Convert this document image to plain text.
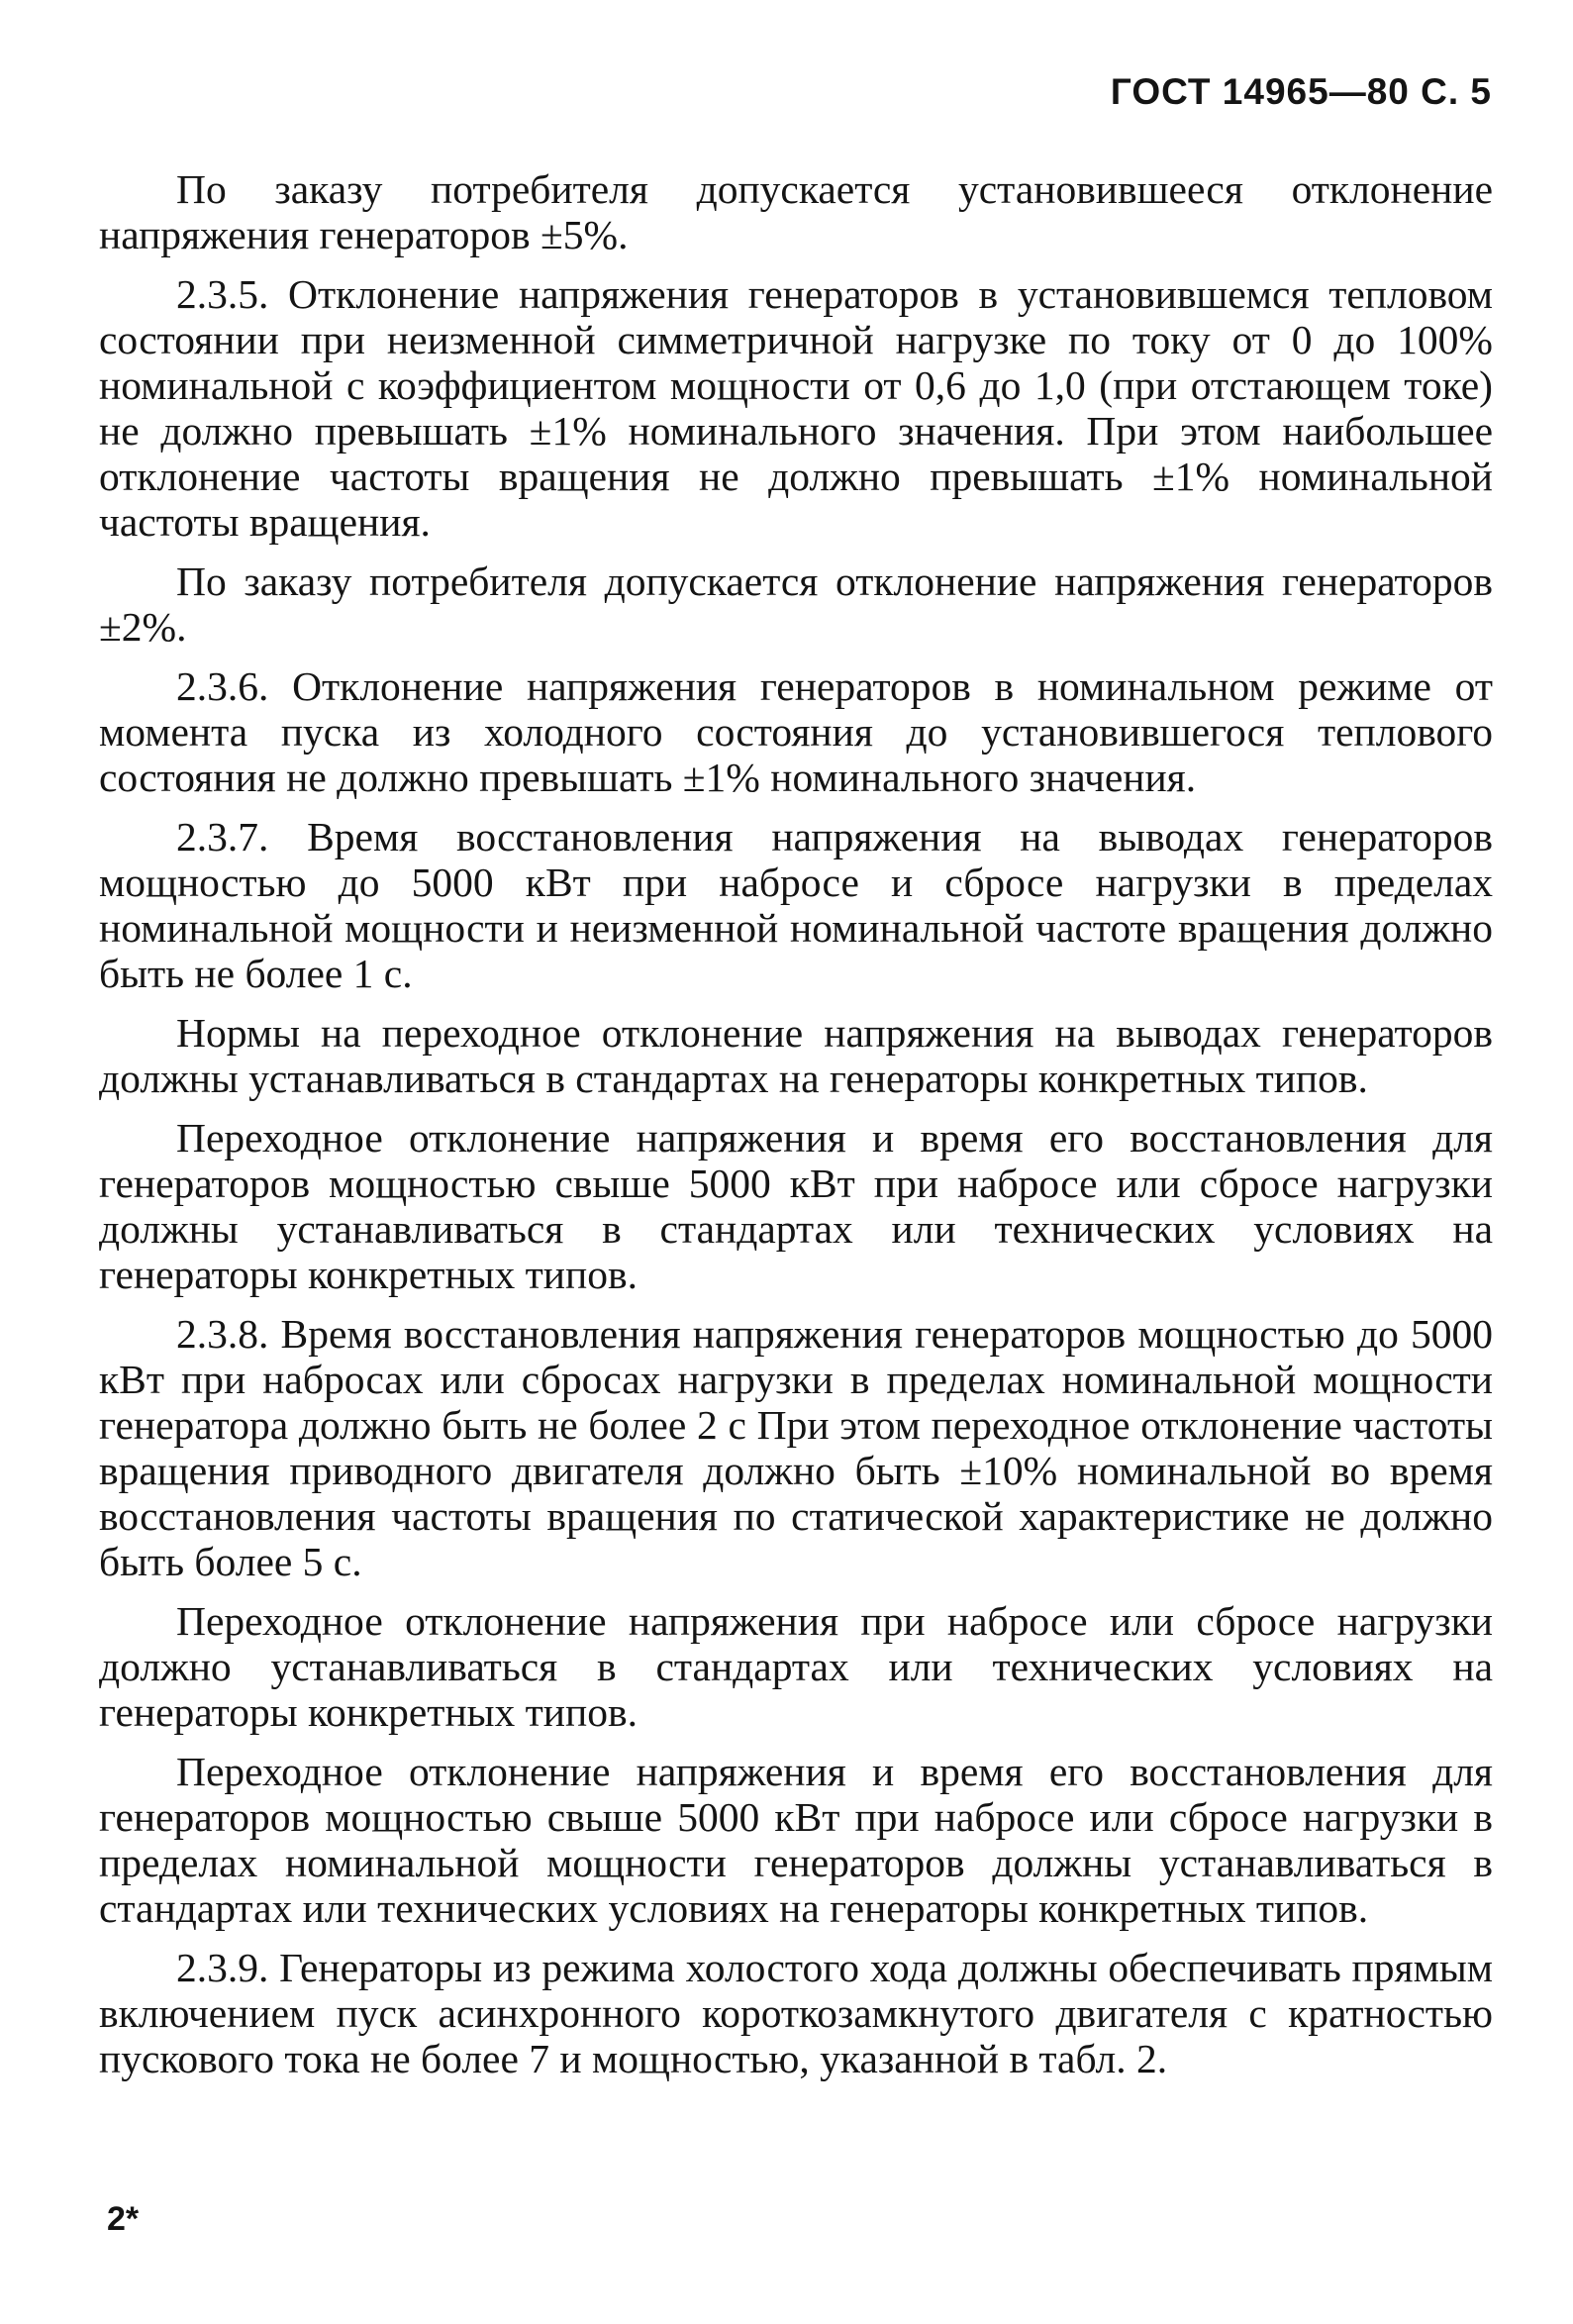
ГОСТ 14965—80 С. 5

По заказу потребителя допускается установившееся отклонение напряжения генераторов ±5%.

2.3.5. Отклонение напряжения генераторов в установившемся тепловом состоянии при неизменной симметричной нагрузке по току от 0 до 100% номинальной с коэффициентом мощности от 0,6 до 1,0 (при отстающем токе) не должно превышать ±1% номинального значения. При этом наибольшее отклонение частоты вращения не должно превышать ±1% номинальной частоты вращения.

По заказу потребителя допускается отклонение напряжения генераторов ±2%.

2.3.6. Отклонение напряжения генераторов в номинальном режиме от момента пуска из холодного состояния до установившегося теплового состояния не должно превышать ±1% номинального значения.

2.3.7. Время восстановления напряжения на выводах генераторов мощностью до 5000 кВт при набросе и сбросе нагрузки в пределах номинальной мощности и неизменной номинальной частоте вращения должно быть не более 1 с.

Нормы на переходное отклонение напряжения на выводах генераторов должны устанавливаться в стандартах на генераторы конкретных типов.

Переходное отклонение напряжения и время его восстановления для генераторов мощностью свыше 5000 кВт при набросе или сбросе нагрузки должны устанавливаться в стандартах или технических условиях на генераторы конкретных типов.

2.3.8. Время восстановления напряжения генераторов мощностью до 5000 кВт при набросах или сбросах нагрузки в пределах номинальной мощности генератора должно быть не более 2 с При этом переходное отклонение частоты вращения приводного двигателя должно быть ±10% номинальной во время восстановления частоты вращения по статической характеристике не должно быть более 5 с.

Переходное отклонение напряжения при набросе или сбросе нагрузки должно устанавливаться в стандартах или технических условиях на генераторы конкретных типов.

Переходное отклонение напряжения и время его восстановления для генераторов мощностью свыше 5000 кВт при набросе или сбросе нагрузки в пределах номинальной мощности генераторов должны устанавливаться в стандартах или технических условиях на генераторы конкретных типов.

2.3.9. Генераторы из режима холостого хода должны обеспечивать прямым включением пуск асинхронного короткозамкнутого двигателя с кратностью пускового тока не более 7 и мощностью, указанной в табл. 2.

2*
